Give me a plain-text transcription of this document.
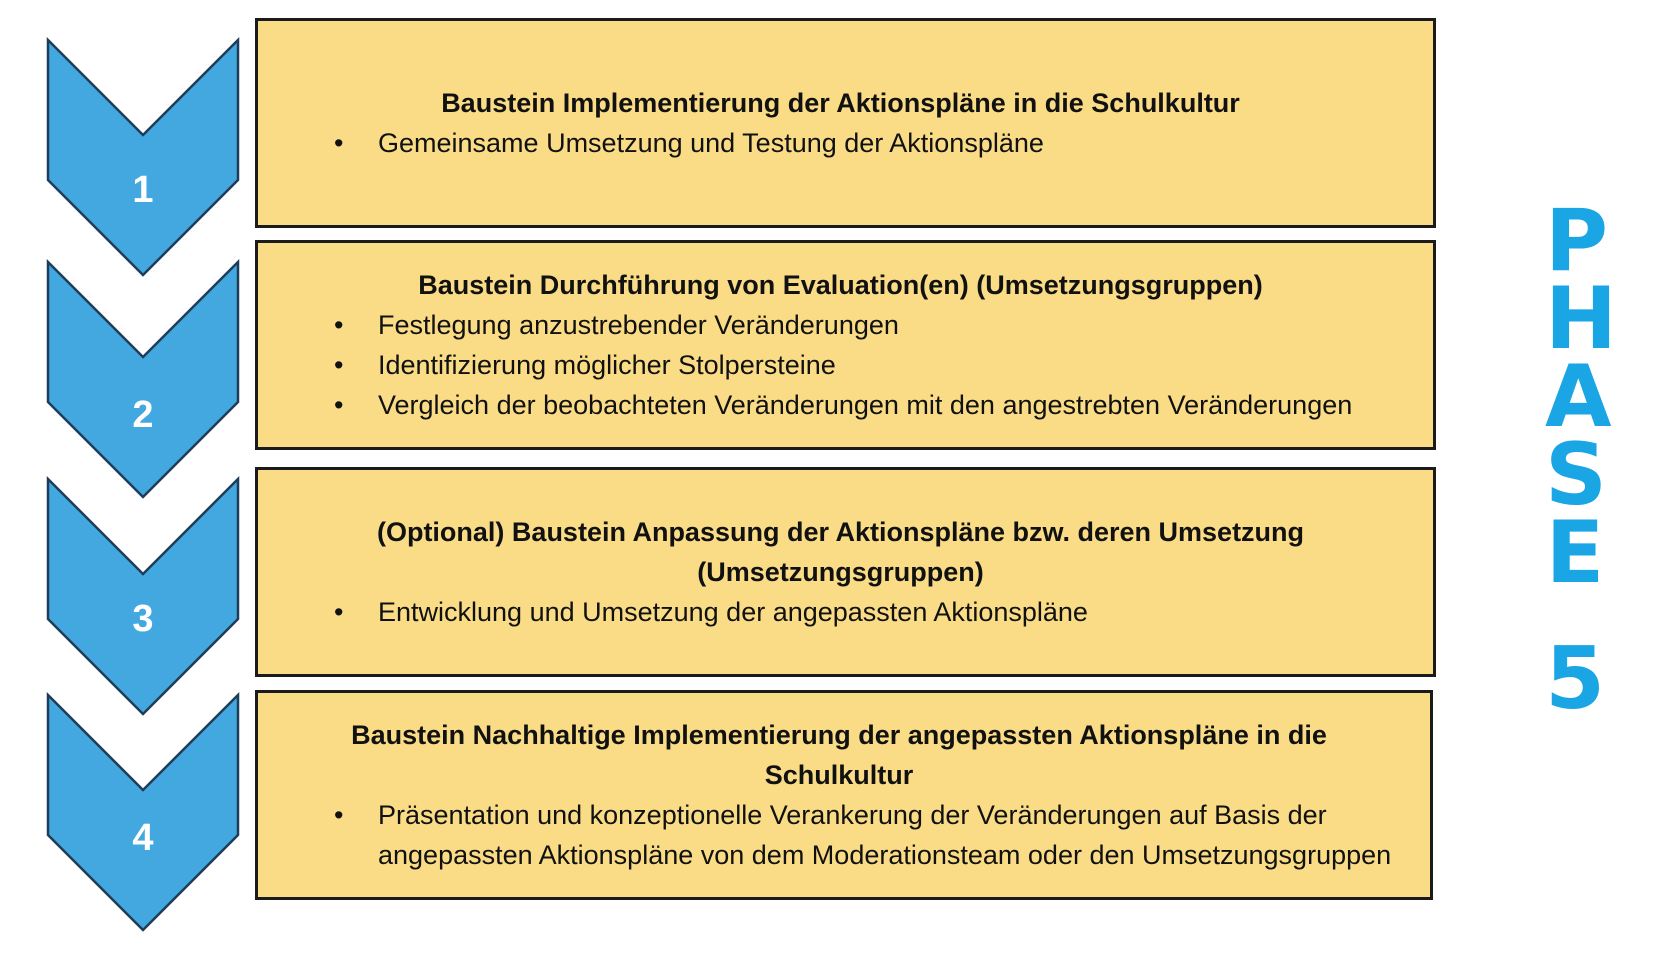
1
2
3
4
Baustein Implementierung der Aktionspläne in die Schulkultur
• Gemeinsame Umsetzung und Testung der Aktionspläne
Baustein Durchführung von Evaluation(en) (Umsetzungsgruppen)
• Festlegung anzustrebender Veränderungen
• Identifizierung möglicher Stolpersteine
• Vergleich der beobachteten Veränderungen mit den angestrebten Veränderungen
(Optional) Baustein Anpassung der Aktionspläne bzw. deren Umsetzung
(Umsetzungsgruppen)
• Entwicklung und Umsetzung der angepassten Aktionspläne
Baustein Nachhaltige Implementierung der angepassten Aktionspläne in die
Schulkultur
• Präsentation und konzeptionelle Verankerung der Veränderungen auf Basis der angepassten Aktionspläne von dem Moderationsteam oder den Umsetzungsgruppen
P
H
A
S
E
5
